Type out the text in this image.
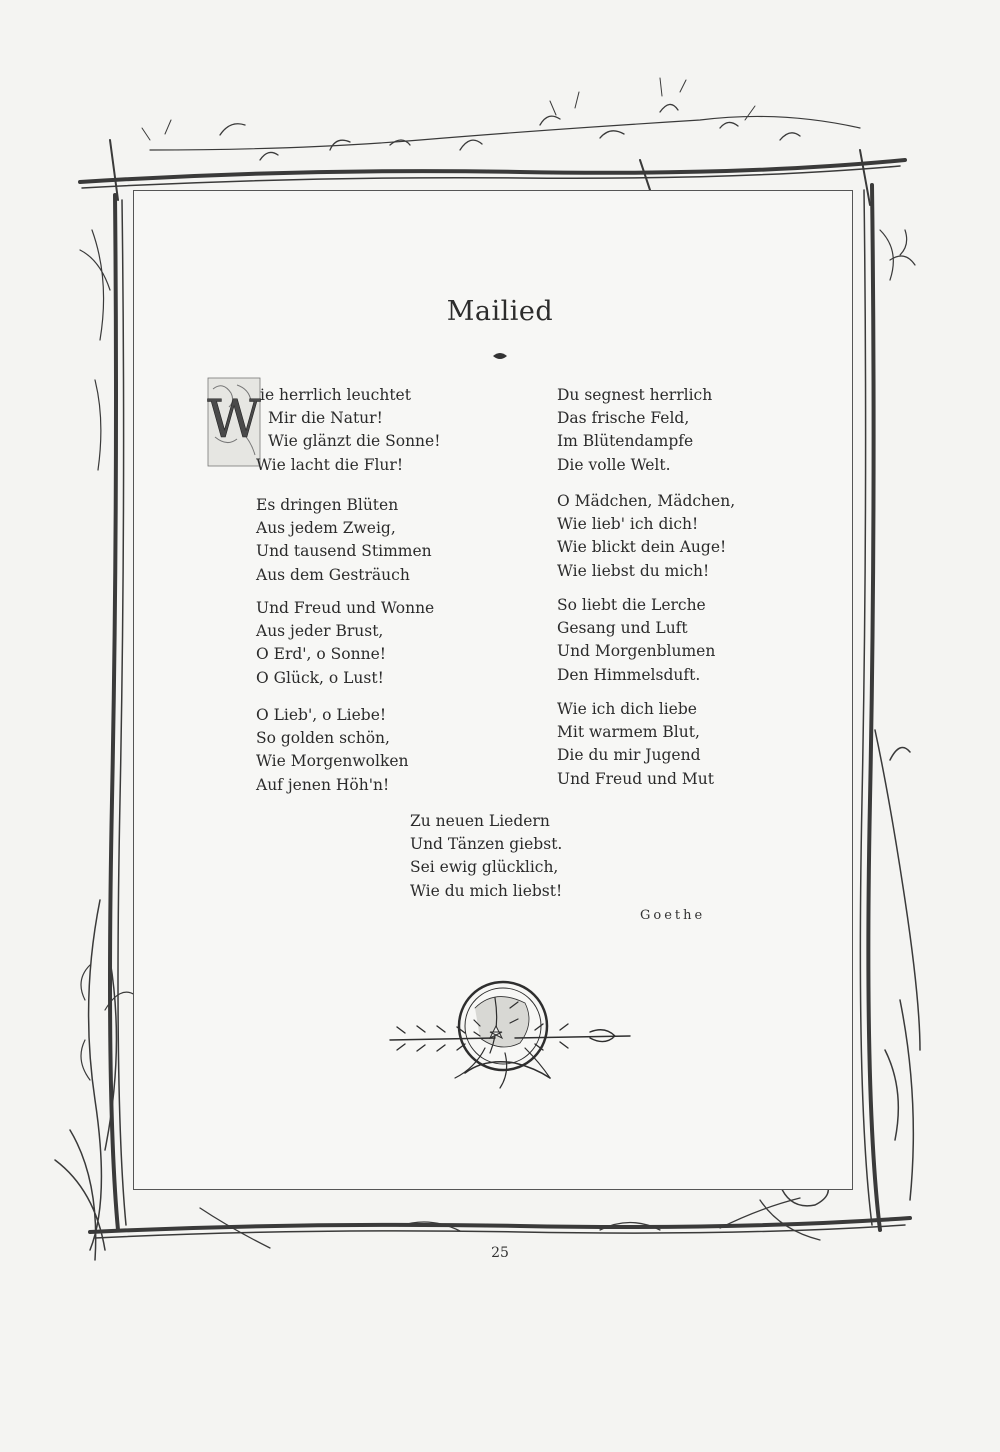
Mailied
W ie herrlich leuchtet
Mir die Natur!
Wie glänzt die Sonne!
Wie lacht die Flur!
Es dringen Blüten
Aus jedem Zweig,
Und tausend Stimmen
Aus dem Gesträuch
Und Freud und Wonne
Aus jeder Brust,
O Erd', o Sonne!
O Glück, o Lust!
O Lieb', o Liebe!
So golden schön,
Wie Morgenwolken
Auf jenen Höh'n!
Du segnest herrlich
Das frische Feld,
Im Blütendampfe
Die volle Welt.
O Mädchen, Mädchen,
Wie lieb' ich dich!
Wie blickt dein Auge!
Wie liebst du mich!
So liebt die Lerche
Gesang und Luft
Und Morgenblumen
Den Himmelsduft.
Wie ich dich liebe
Mit warmem Blut,
Die du mir Jugend
Und Freud und Mut
Zu neuen Liedern
Und Tänzen giebst.
Sei ewig glücklich,
Wie du mich liebst!
Goethe
25
